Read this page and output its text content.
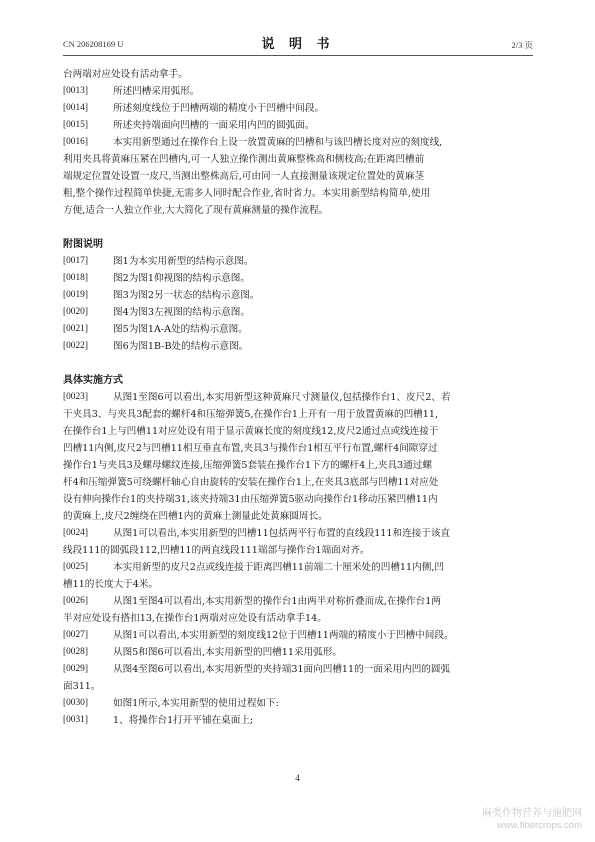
CN 206208169 U	说 明 书	2/3 页
台两端对应处设有活动拿手。
[0013]	所述凹槽采用弧形。
[0014]	所述刻度线位于凹槽两端的精度小于凹槽中间段。
[0015]	所述夹持端面向凹槽的一面采用内凹的圆弧面。
[0016]	本实用新型通过在操作台上设一放置黄麻的凹槽和与该凹槽长度对应的刻度线,
利用夹具将黄麻压紧在凹槽内,可一人独立操作测出黄麻整株高和侧枝高;在距离凹槽前
端规定位置处设置一皮尺,当测出整株高后,可由同一人直接测量该规定位置处的黄麻茎
粗,整个操作过程简单快捷,无需多人同时配合作业,省时省力。本实用新型结构简单,使用
方便,适合一人独立作业,大大简化了现有黄麻测量的操作流程。
附图说明
[0017]	图1为本实用新型的结构示意图。
[0018]	图2为图1仰视图的结构示意图。
[0019]	图3为图2另一状态的结构示意图。
[0020]	图4为图3左视图的结构示意图。
[0021]	图5为图1A-A处的结构示意图。
[0022]	图6为图1B-B处的结构示意图。
具体实施方式
[0023]	从图1至图6可以看出,本实用新型这种黄麻尺寸测量仪,包括操作台1、皮尺2、若
干夹具3、与夹具3配套的螺杆4和压缩弹簧5,在操作台1上开有一用于放置黄麻的凹槽11,
在操作台1上与凹槽11对应处设有用于显示黄麻长度的刻度线12,皮尺2通过点或线连接于
凹槽11内侧,皮尺2与凹槽11相互垂直布置,夹具3与操作台1相互平行布置,螺杆4间隙穿过
操作台1与夹具3及螺母螺纹连接,压缩弹簧5套装在操作台1下方的螺杆4上,夹具3通过螺
杆4和压缩弹簧5可绕螺杆轴心自由旋转的安装在操作台1上,在夹具3底部与凹槽11对应处
设有伸向操作台1的夹持端31,该夹持端31由压缩弹簧5驱动向操作台1移动压紧凹槽11内
的黄麻上,皮尺2缠绕在凹槽1内的黄麻上测量此处黄麻圆周长。
[0024]	从图1可以看出,本实用新型的凹槽11包括两平行布置的直线段111和连接于该直
线段111的圆弧段112,凹槽11的两直线段111端部与操作台1端面对齐。
[0025]	本实用新型的皮尺2点或线连接于距离凹槽11前端二十厘米处的凹槽11内侧,凹
槽11的长度大于4米。
[0026]	从图1至图4可以看出,本实用新型的操作台1由两半对称折叠而成,在操作台1两
半对应处设有搭扣13,在操作台1两端对应处设有活动拿手14。
[0027]	从图1可以看出,本实用新型的刻度线12位于凹槽11两端的精度小于凹槽中间段。
[0028]	从图5和图6可以看出,本实用新型的凹槽11采用弧形。
[0029]	从图4至图6可以看出,本实用新型的夹持端31面向凹槽11的一面采用内凹的圆弧
面311。
[0030]	如图1所示,本实用新型的使用过程如下:
[0031]	1、将操作台1打开平铺在桌面上;
4
麻类作物营养与施肥网
www.fibercrops.com
